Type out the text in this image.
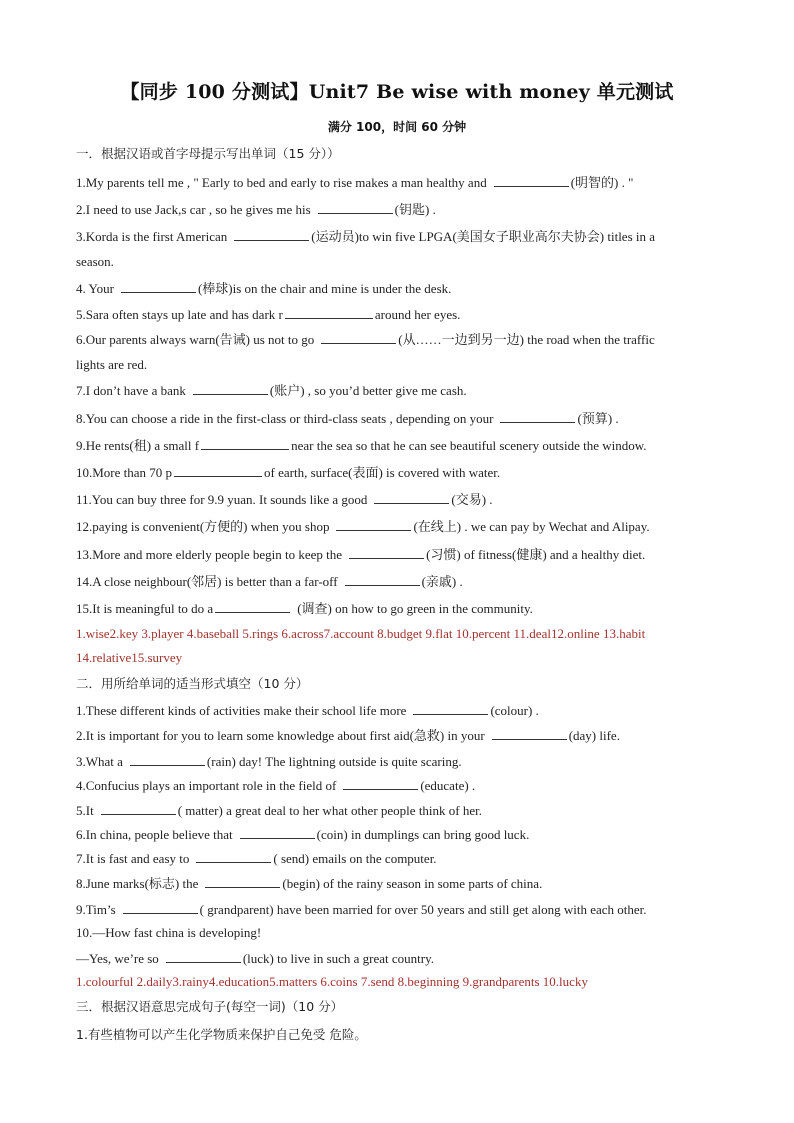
【同步 100 分测试】Unit7 Be wise with money 单元测试
满分 100，时间 60 分钟
一．根据汉语或首字母提示写出单词（15 分））
1.My parents tell me , " Early to bed and early to rise makes a man healthy and	(明智的) . "
2.I need to use Jack,s car , so he gives me his	(钥匙) .
3.Korda is the first American	(运动员)to win five LPGA(美国女子职业高尔夫协会) titles in a
season.
4. Your	(棒球)is on the chair and mine is under the desk.
5.Sara often stays up late and has dark r	around her eyes.
6.Our parents always warn(告诫) us not to go	(从……一边到另一边) the road when the traffic
lights are red.
7.I don’t have a bank	(账户) , so you’d better give me cash.
8.You can choose a ride in the first-class or third-class seats , depending on your	(预算) .
9.He rents(租) a small f	near the sea so that he can see beautiful scenery outside the window.
10.More than 70 p	of earth, surface(表面) is covered with water.
11.You can buy three for 9.9 yuan. It sounds like a good	(交易) .
12.paying is convenient(方便的) when you shop	(在线上) . we can pay by Wechat and Alipay.
13.More and more elderly people begin to keep the	(习惯) of fitness(健康) and a healthy diet.
14.A close neighbour(邻居) is better than a far-off	(亲戚) .
15.It is meaningful to do a	(调查) on how to go green in the community.
1.wise2.key 3.player 4.baseball 5.rings 6.across7.account 8.budget 9.flat 10.percent 11.deal12.online 13.habit
14.relative15.survey
二．用所给单词的适当形式填空（10 分）
1.These different kinds of activities make their school life more	(colour) .
2.It is important for you to learn some knowledge about first aid(急救) in your	(day) life.
3.What a	(rain) day! The lightning outside is quite scaring.
4.Confucius plays an important role in the field of	(educate) .
5.It	( matter) a great deal to her what other people think of her.
6.In china, people believe that	(coin) in dumplings can bring good luck.
7.It is fast and easy to	( send) emails on the computer.
8.June marks(标志) the	(begin) of the rainy season in some parts of china.
9.Tim’s	( grandparent) have been married for over 50 years and still get along with each other.
10.—How fast china is developing!
—Yes, we’re so	(luck) to live in such a great country.
1.colourful 2.daily3.rainy4.education5.matters 6.coins 7.send 8.beginning 9.grandparents 10.lucky
三．根据汉语意思完成句子(每空一词)（10 分）
1.有些植物可以产生化学物质来保护自己免受 危险。
